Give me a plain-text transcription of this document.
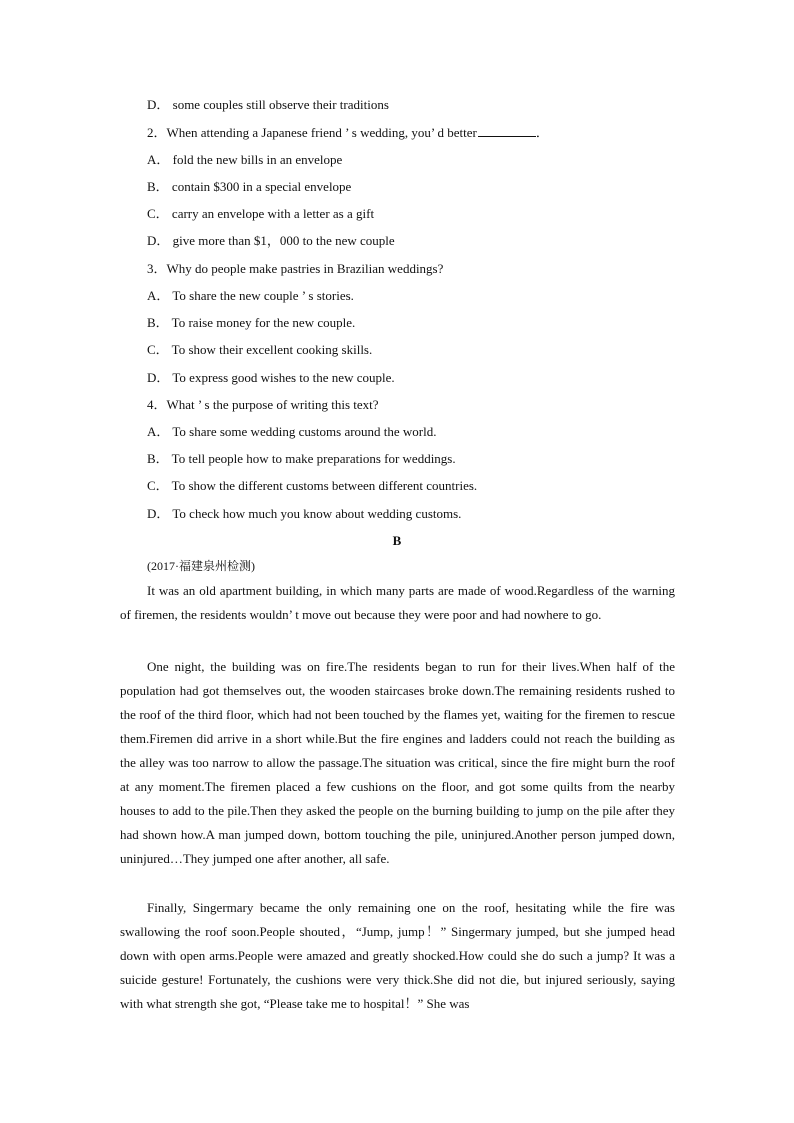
D． some couples still observe their traditions
2．When attending a Japanese friend ’ s wedding, you’ d better	．
A． fold the new bills in an envelope
B． contain $300 in a special envelope
C． carry an envelope with a letter as a gift
D． give more than $1，000 to the new couple
3．Why do people make pastries in Brazilian weddings?
A． To share the new couple ’ s stories.
B． To raise money for the new couple.
C． To show their excellent cooking skills.
D． To express good wishes to the new couple.
4．What ’ s the purpose of writing this text?
A． To share some wedding customs around the world.
B． To tell people how to make preparations for weddings.
C． To show the different customs between different countries.
D． To check how much you know about wedding customs.
B
(2017·福建泉州检测)

It was an old apartment building, in which many parts are made of wood.Regardless of the warning of firemen, the residents wouldn’ t move out because they were poor and had nowhere to go.

One night, the building was on fire.The residents began to run for their lives.When half of the population had got themselves out, the wooden staircases broke down.The remaining residents rushed to the roof of the third floor, which had not been touched by the flames yet, waiting for the firemen to rescue them.Firemen did arrive in a short while.But the fire engines and ladders could not reach the building as the alley was too narrow to allow the passage.The situation was critical, since the fire might burn the roof at any moment.The firemen placed a few cushions on the floor, and got some quilts from the nearby houses to add to the pile.Then they asked the people on the burning building to jump on the pile after they had shown how.A man jumped down, bottom touching the pile, uninjured.Another person jumped down, uninjured…They jumped one after another, all safe.

Finally, Singermary became the only remaining one on the roof, hesitating while the fire was swallowing the roof soon.People shouted，“Jump, jump！” Singermary jumped, but she jumped head down with open arms.People were amazed and greatly shocked.How could she do such a jump? It was a suicide gesture! Fortunately, the cushions were very thick.She did not die, but injured seriously, saying with what strength she got, “Please take me to hospital！” She was
